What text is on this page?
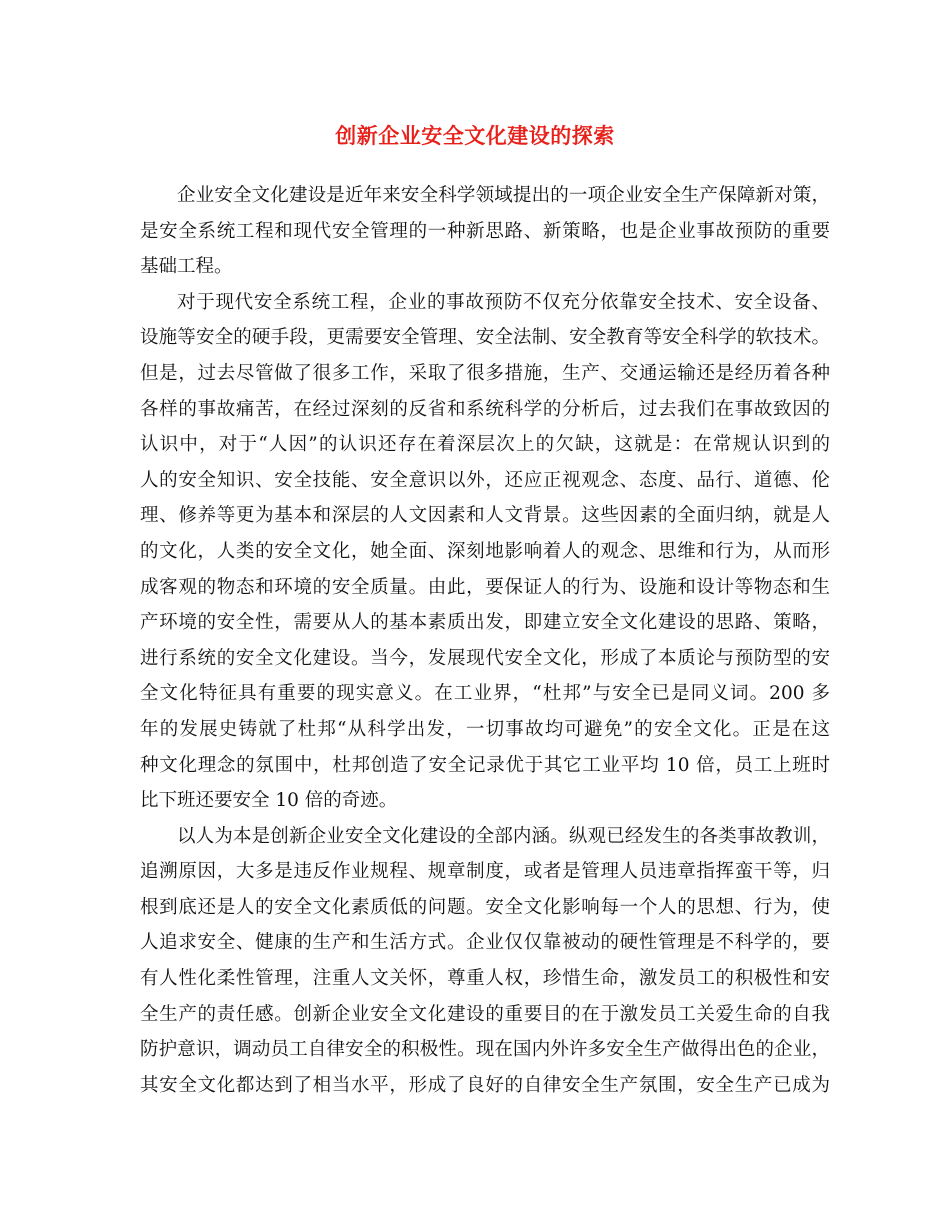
创新企业安全文化建设的探索

企业安全文化建设是近年来安全科学领域提出的一项企业安全生产保障新对策，
是安全系统工程和现代安全管理的一种新思路、新策略，也是企业事故预防的重要
基础工程。

对于现代安全系统工程，企业的事故预防不仅充分依靠安全技术、安全设备、
设施等安全的硬手段，更需要安全管理、安全法制、安全教育等安全科学的软技术。
但是，过去尽管做了很多工作，采取了很多措施，生产、交通运输还是经历着各种
各样的事故痛苦，在经过深刻的反省和系统科学的分析后，过去我们在事故致因的
认识中，对于“人因”的认识还存在着深层次上的欠缺，这就是：在常规认识到的
人的安全知识、安全技能、安全意识以外，还应正视观念、态度、品行、道德、伦
理、修养等更为基本和深层的人文因素和人文背景。这些因素的全面归纳，就是人
的文化，人类的安全文化，她全面、深刻地影响着人的观念、思维和行为，从而形
成客观的物态和环境的安全质量。由此，要保证人的行为、设施和设计等物态和生
产环境的安全性，需要从人的基本素质出发，即建立安全文化建设的思路、策略，
进行系统的安全文化建设。当今，发展现代安全文化，形成了本质论与预防型的安
全文化特征具有重要的现实意义。在工业界，“杜邦”与安全已是同义词。200 多
年的发展史铸就了杜邦“从科学出发，一切事故均可避免”的安全文化。正是在这
种文化理念的氛围中，杜邦创造了安全记录优于其它工业平均 10 倍，员工上班时
比下班还要安全 10 倍的奇迹。

以人为本是创新企业安全文化建设的全部内涵。纵观已经发生的各类事故教训，
追溯原因，大多是违反作业规程、规章制度，或者是管理人员违章指挥蛮干等，归
根到底还是人的安全文化素质低的问题。安全文化影响每一个人的思想、行为，使
人追求安全、健康的生产和生活方式。企业仅仅靠被动的硬性管理是不科学的，要
有人性化柔性管理，注重人文关怀，尊重人权，珍惜生命，激发员工的积极性和安
全生产的责任感。创新企业安全文化建设的重要目的在于激发员工关爱生命的自我
防护意识，调动员工自律安全的积极性。现在国内外许多安全生产做得出色的企业，
其安全文化都达到了相当水平，形成了良好的自律安全生产氛围，安全生产已成为
